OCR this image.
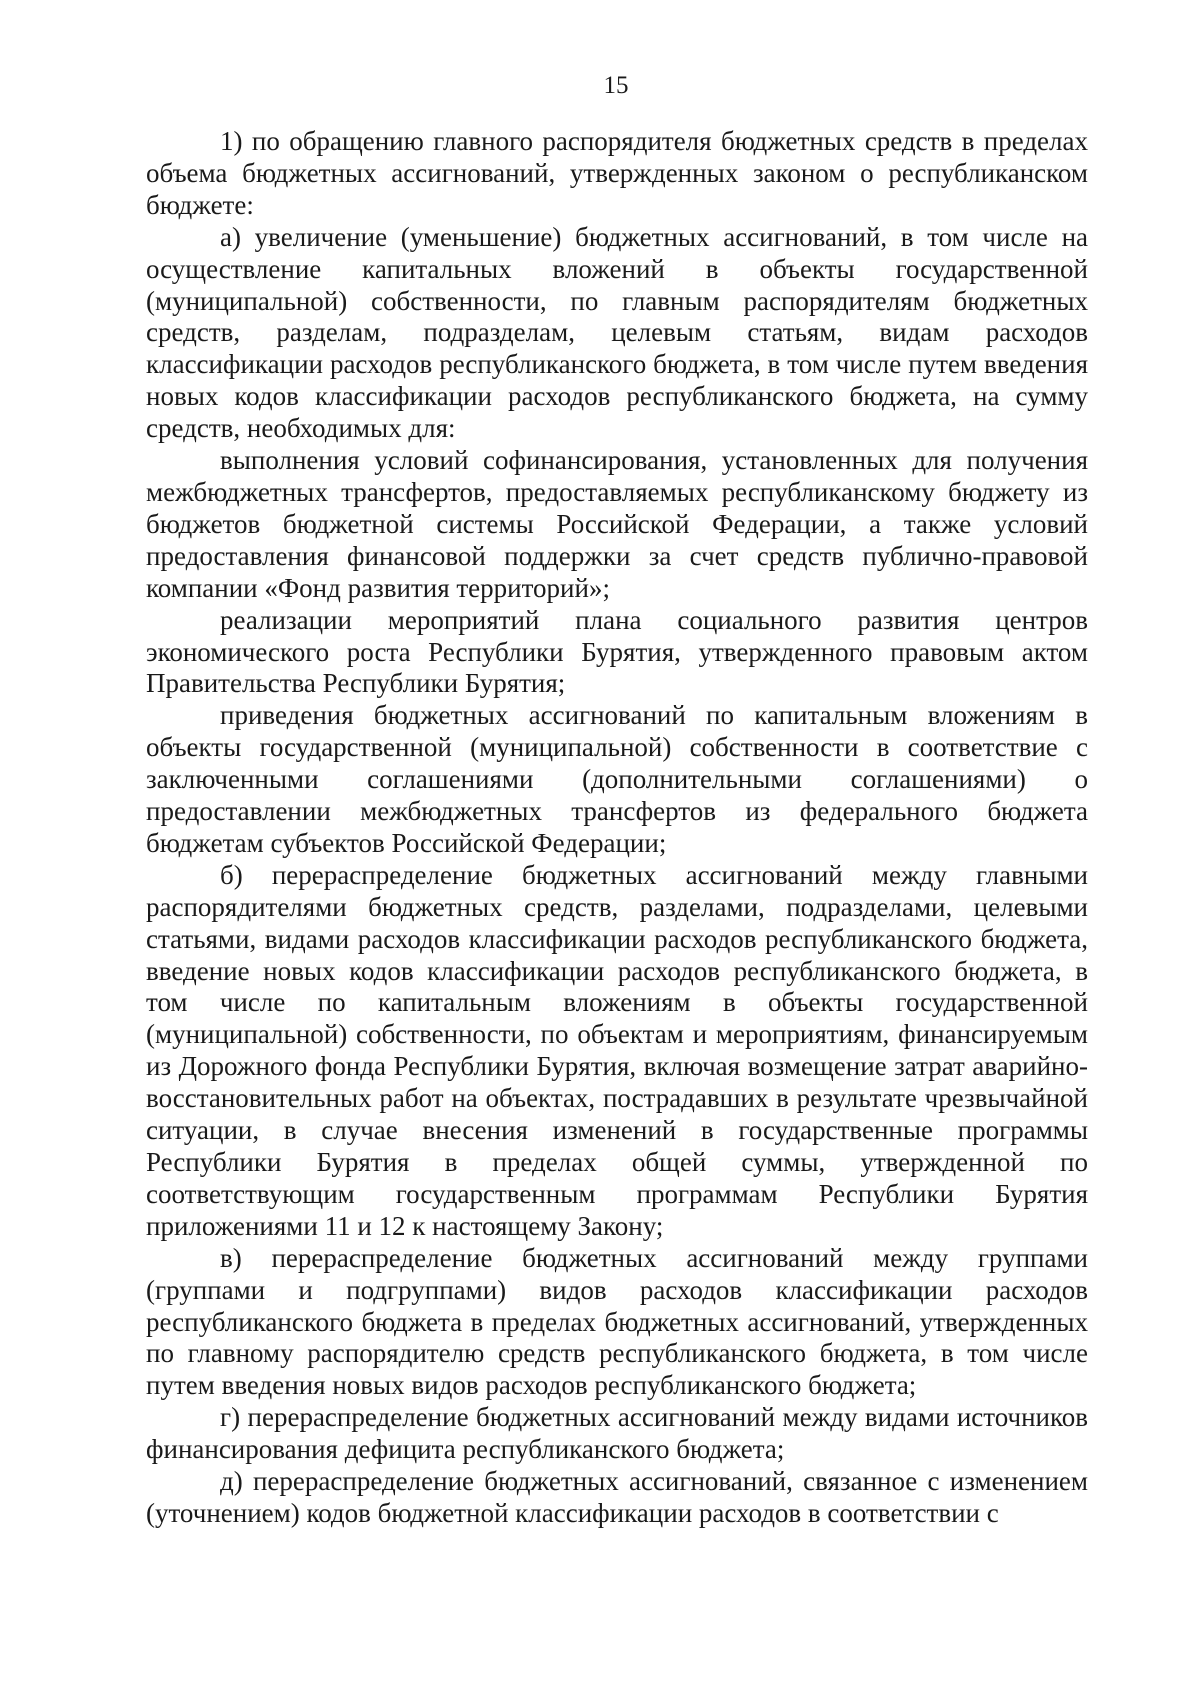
15

1) по обращению главного распорядителя бюджетных средств в пределах объема бюджетных ассигнований, утвержденных законом о республиканском бюджете:

а) увеличение (уменьшение) бюджетных ассигнований, в том числе на осуществление капитальных вложений в объекты государственной (муниципальной) собственности, по главным распорядителям бюджетных средств, разделам, подразделам, целевым статьям, видам расходов классификации расходов республиканского бюджета, в том числе путем введения новых кодов классификации расходов республиканского бюджета, на сумму средств, необходимых для:

выполнения условий софинансирования, установленных для получения межбюджетных трансфертов, предоставляемых республиканскому бюджету из бюджетов бюджетной системы Российской Федерации, а также условий предоставления финансовой поддержки за счет средств публично-правовой компании «Фонд развития территорий»;

реализации мероприятий плана социального развития центров экономического роста Республики Бурятия, утвержденного правовым актом Правительства Республики Бурятия;

приведения бюджетных ассигнований по капитальным вложениям в объекты государственной (муниципальной) собственности в соответствие с заключенными соглашениями (дополнительными соглашениями) о предоставлении межбюджетных трансфертов из федерального бюджета бюджетам субъектов Российской Федерации;

б) перераспределение бюджетных ассигнований между главными распорядителями бюджетных средств, разделами, подразделами, целевыми статьями, видами расходов классификации расходов республиканского бюджета, введение новых кодов классификации расходов республиканского бюджета, в том числе по капитальным вложениям в объекты государственной (муниципальной) собственности, по объектам и мероприятиям, финансируемым из Дорожного фонда Республики Бурятия, включая возмещение затрат аварийно-восстановительных работ на объектах, пострадавших в результате чрезвычайной ситуации, в случае внесения изменений в государственные программы Республики Бурятия в пределах общей суммы, утвержденной по соответствующим государственным программам Республики Бурятия приложениями 11 и 12 к настоящему Закону;

в) перераспределение бюджетных ассигнований между группами (группами и подгруппами) видов расходов классификации расходов республиканского бюджета в пределах бюджетных ассигнований, утвержденных по главному распорядителю средств республиканского бюджета, в том числе путем введения новых видов расходов республиканского бюджета;

г) перераспределение бюджетных ассигнований между видами источников финансирования дефицита республиканского бюджета;

д) перераспределение бюджетных ассигнований, связанное с изменением (уточнением) кодов бюджетной классификации расходов в соответствии с
